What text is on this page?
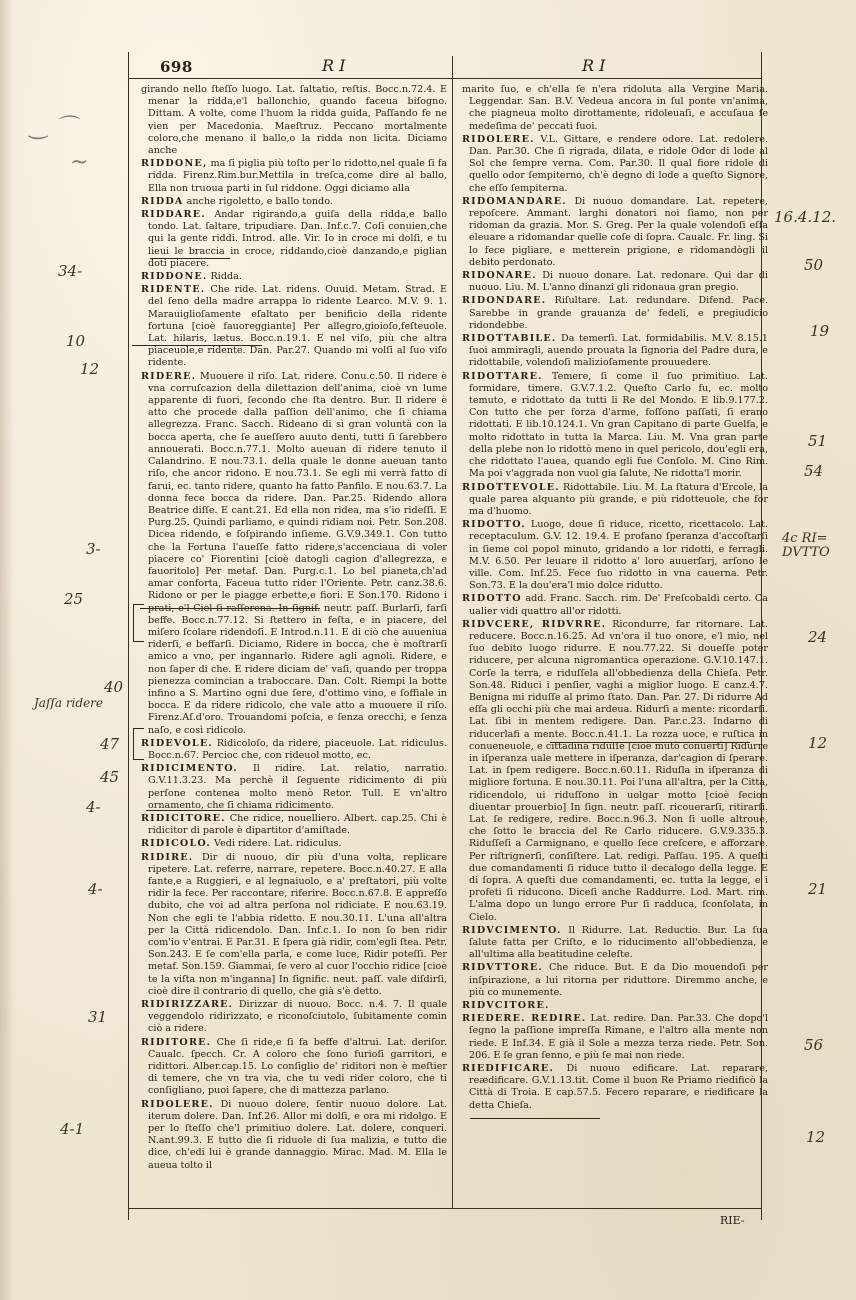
698	R I	R I

girando nello ſteſſo luogo. Lat. ſaltatio, reſtis. Bocc.n.72.4. E menar la ridda,e'l ballonchio, quando faceua biſogno. Dittam. A volte, come l'huom la ridda guida, Paſſando fe ne vien per Macedonia. Maeſtruz. Peccano mortalmente coloro,che menano il ballo,o la ridda non licita. Diciamo anche

RIDDONE, ma ſi piglia più toſto per lo ridotto,nel quale ſi fa ridda. Firenz.Rim.bur.Mettila in treſca,come dire al ballo, Ella non truoua parti in ſul riddone. Oggi diciamo alla

RIDDA anche rigoletto, e ballo tondo.

RIDDARE. Andar rigirando,a guiſa della ridda,e ballo tondo. Lat. ſaltare, tripudiare. Dan. Inf.c.7. Coſi conuien,che qui la gente riddi. Introd. alle. Vir. Io in croce mi dolſi, e tu lieui le braccia in croce, riddando,cioè danzando,e piglian doti piacere.

RIDDONE. Ridda.

RIDENTE. Che ride. Lat. ridens. Ouuid. Metam. Strad. E del ſeno della madre arrappa lo ridente Learco. M.V. 9. 1. Marauiglioſamente eſaltato per benificio della ridente fortuna [cioè fauoreggiante] Per allegro,gioioſo,feſteuole. Lat. hilaris, lætus. Bocc.n.19.1. E nel viſo, più che altra piaceuole,e ridente. Dan. Par.27. Quando mi volſi al ſuo viſo ridente.

RIDERE. Muouere il riſo. Lat. ridere. Conu.c.50. Il ridere è vna corruſcazion della dilettazion dell'anima, cioè vn lume apparente di fuori, ſecondo che ſta dentro. Bur. Il ridere è atto che procede dalla paſſion dell'animo, che ſi chiama allegrezza. Franc. Sacch. Rideano di sì gran voluntà con la bocca aperta, che ſe aueſſero auuto denti, tutti ſi ſarebbero annouerati. Bocc.n.77.1. Molto aueuan di ridere tenuto il Calandrino. E nou.73.1. della quale le donne aueuan tanto riſo, che ancor ridono. E nou.73.1. Se egli mi verrà fatto di farui, ec. tanto ridere, quanto ha fatto Panfilo. E nou.63.7. La donna fece bocca da ridere. Dan. Par.25. Ridendo allora Beatrice diſſe. E cant.21. Ed ella non ridea, ma s'io rideſſi. E Purg.25. Quindi parliamo, e quindi ridiam noi. Petr. Son.208. Dicea ridendo, e ſoſpirando inſieme. G.V.9.349.1. Con tutto che la Fortuna l'aueſſe fatto ridere,s'accenciaua di voler piacere co' Fiorentini [cioè datogli cagion d'allegrezza, e fauoritolo] Per metaf. Dan. Purg.c.1. Lo bel pianeta,ch'ad amar conforta, Faceua tutto rider l'Oriente. Petr. canz.38.6. Ridono or per le piagge erbette,e fiori. E Son.170. Ridono i prati, e'l Ciel ſi raſſerena. In ſignif. neutr. paſſ. Burlarſi, farſi beffe. Bocc.n.77.12. Si ſtettero in feſta, e in piacere, del miſero ſcolare ridendoſi. E Introd.n.11. E di ciò che auueniua riderſi, e beffarſi. Diciamo, Ridere in bocca, che è moſtrarſi amico a vno, per ingannarlo. Ridere agli agnoli. Ridere, e non ſaper di che. E ridere diciam de' vaſi, quando per troppa pienezza comincian a traboccare. Dan. Colt. Riempi la botte infino a S. Martino ogni due ſere, d'ottimo vino, e ſoffiale in bocca. E da ridere ridicolo, che vale atto a muouere il riſo. Firenz.Aſ.d'oro. Trouandomi poſcia, e ſenza orecchi, e ſenza naſo, e così ridicolo.

RIDEVOLE. Ridicoloſo, da ridere, piaceuole. Lat. ridiculus. Bocc.n.67. Percioc che, con rideuol motto, ec.

RIDICIMENTO. Il ridire. Lat. relatio, narratio. G.V.11.3.23. Ma perchè il ſeguente ridicimento di più perſone contenea molto menò Retor. Tull. E vn'altro ornamento, che ſi chiama ridicimento.

RIDICITORE. Che ridice, nouelliero. Albert. cap.25. Chi è ridicitor di parole è dipartitor d'amiſtade.

RIDICOLO. Vedi ridere. Lat. ridiculus.

RIDIRE. Dir di nuouo, dir più d'una volta, replicare ripetere. Lat. referre, narrare, repetere. Bocc.n.40.27. E alla fante,e a Ruggieri, e al legnaiuolo, e a' preſtatori, più volte ridir la fece. Per raccontare, riferire. Bocc.n.67.8. E appreſſo dubito, che voi ad altra perſona nol ridiciate. E nou.63.19. Non che egli te l'abbia ridetto. E nou.30.11. L'una all'altra per la Città ridicendolo. Dan. Inf.c.1. Io non ſo ben ridir com'io v'entrai. E Par.31. E ſpera già ridir, com'egli ſtea. Petr. Son.243. E ſe com'ella parla, e come luce, Ridir poteſſi. Per metaf. Son.159. Giammai, ſe vero al cuor l'occhio ridice [cioè te la viſta non m'inganna] In ſignific. neut. paſſ. vale diſdirſi, cioè dire il contrario di quello, che già s'è detto.

RIDIRIZZARE. Dirizzar di nuouo. Bocc. n.4. 7. Il quale veggendolo ridirizzato, e riconoſciutolo, ſubitamente comin ciò a ridere.

RIDITORE. Che ſi ride,e ſi fa beffe d'altrui. Lat. deriſor. Caualc. ſpecch. Cr. A coloro che ſono furioſi garritori, e ridittori. Alber.cap.15. Lo conſiglio de' riditori non è meſtier di temere, che vn tra via, che tu vedi rider coloro, che ti conſigliano, puoi ſapere, che di mattezza parlano.

RIDOLERE. Di nuouo dolere, ſentir nuouo dolore. Lat. iterum dolere. Dan. Inf.26. Allor mi dolſi, e ora mi ridolgo. E per lo ſteſſo che'l primitiuo dolere. Lat. dolere, conqueri. N.ant.99.3. E tutto dìe ſi riduole di ſua malizia, e tutto dìe dice, ch'edi lui è grande dannaggio. Mirac. Mad. M. Ella le aueua tolto il

marito ſuo, e ch'ella ſe n'era ridoluta alla Vergine Maria. Leggendar. San. B.V. Vedeua ancora in ſul ponte vn'anima, che piagneua molto dirottamente, ridoleuaſi, e accuſaua ſe medeſima de' peccati ſuoi.

RIDOLERE. V.L. Gittare, e rendere odore. Lat. redolere. Dan. Par.30. Che ſi rigrada, dilata, e ridole Odor di lode al Sol che ſempre verna. Com. Par.30. Il qual fiore ridole di quello odor ſempiterno, ch'è degno di lode a queſto Signore, che eſſo ſempiterna.

RIDOMANDARE. Di nuouo domandare. Lat. repetere, repoſcere. Ammant. larghi donatori noi ſiamo, non per ridoman da grazia. Mor. S. Greg. Per la quale volendoſi eſſa eleuare a ridomandar quelle coſe di ſopra. Caualc. Fr. ling. Si lo fece pigliare, e metterein prigione, e ridomandògli il debito perdonato.

RIDONARE. Di nuouo donare. Lat. redonare. Qui dar di nuouo. Liu. M. L'anno dinanzi gli ridonaua gran pregio.

RIDONDARE. Riſultare. Lat. redundare. Difend. Pace. Sarebbe in grande grauanza de' fedeli, e pregiudicio ridondebbe.

RIDOTTABILE. Da temerſi. Lat. formidabilis. M.V. 8.15.1 ſuoi ammiragli, auendo prouata la ſignoria del Padre dura, e ridottabile, volendoſi malizioſamente prouuedere.

RIDOTTARE. Temere, ſi come il ſuo primitiuo. Lat. formidare, timere. G.V.7.1.2. Queſto Carlo fu, ec. molto temuto, e ridottato da tutti li Re del Mondo. E lib.9.177.2. Con tutto che per forza d'arme, foſſono paſſati, ſi erano ridottati. E lib.10.124.1. Vn gran Capitano di parte Guelfa, e molto ridottato in tutta la Marca. Liu. M. Vna gran parte della plebe non lo ridottò meno in quel pericolo, dou'egli era, che ridottato l'auea, quando egli fue Conſolo. M. Cino Rim. Ma poi v'aggrada non vuol gia ſalute, Ne ridotta'l morir.

RIDOTTEVOLE. Ridottabile. Liu. M. La ſtatura d'Ercole, la quale parea alquanto più grande, e più ridotteuole, che for ma d'huomo.

RIDOTTO. Luogo, doue ſi riduce, ricetto, ricettacolo. Lat. receptaculum. G.V. 12. 19.4. E profano ſperanza d'accoſtarſi in ſieme col popol minuto, gridando a lor ridotti, e ferragli. M.V. 6.50. Per leuare il ridotto a' loro auuerſarj, arſono le ville. Com. Inf.25. Fece ſuo ridotto in vna cauerna. Petr. Son.73. E la dou'era'l mio dolce ridutto.

RIDOTTO add. Franc. Sacch. rim. De' Freſcobaldi certo. Ca ualier vidi quattro all'or ridotti.

RIDVCERE, RIDVRRE. Ricondurre, far ritornare. Lat. reducere. Bocc.n.16.25. Ad vn'ora il tuo onore, e'l mio, nel ſuo debito luogo ridurre. E nou.77.22. Si doueſſe poter riducere, per alcuna nigromantica operazione. G.V.10.147.1. Corſe la terra, e riduſſela all'obbedienza della Chieſa. Petr. Son.48. Riduci i penſier, vaghi a miglior luogo. E canz.4.7. Benigna mi riduſſe al primo ſtato. Dan. Par. 27. Di ridurre Ad eſſa gli occhi più che mai ardeua. Ridurſi a mente: ricordarſi. Lat. ſibi in mentem redigere. Dan. Par.c.23. Indarno di riducerlafi a mente. Bocc.n.41.1. La rozza uoce, e ruſtica in conueneuole, e cittadina riduſſe [cioè mutò conuertì] Ridurre in iſperanza uale mettere in iſperanza, dar'cagion di ſperare. Lat. in ſpem redigere. Bocc.n.60.11. Riduſla in iſperanza di migliore fortuna. E nou.30.11. Poi l'una all'altra, per la Città, ridicendolo, ui riduſſono in uolgar motto [cioè ſecion diuentar prouerbio] In ſign. neutr. paſſ. ricouerarſi, ritirarſi. Lat. ſe redigere, redire. Bocc.n.96.3. Non ſi uolle altroue, che ſotto le braccia del Re Carlo riducere. G.V.9.335.3. Riduſſeſi a Carmignano, e quello ſece creſcere, e afforzare. Per riſtrignerſi, conſiſtere. Lat. redigi. Paſſau. 195. A queſti due comandamenti ſi riduce tutto il decalogo della legge. E di ſopra. A queſti due comandamenti, ec. tutta la legge, e i profeti ſi riducono. Diceſi anche Raddurre. Lod. Mart. rim. L'alma dopo un lungo errore Pur ſi radduca, ſconſolata, in Cielo.

RIDVCIMENTO. Il Ridurre. Lat. Reductio. Bur. La ſua ſalute fatta per Criſto, e lo riducimento all'obbedienza, e all'ultima alla beatitudine celeſte.

RIDVTTORE. Che riduce. But. E da Dio mouendoſi per inſpirazione, a lui ritorna per riduttore. Diremmo anche, e più co munemente.

RIDVCITORE.

RIEDERE. REDIRE. Lat. redire. Dan. Par.33. Che dopo'l ſegno la paſſione impreſſa Rimane, e l'altro alla mente non riede. E Inf.34. E già il Sole a mezza terza riede. Petr. Son. 206. E ſe gran ſenno, e più ſe mai non riede.

RIEDIFICARE. Di nuouo edificare. Lat. reparare, reædificare. G.V.1.13.tit. Come il buon Re Priamo riedificò la Città di Troia. E cap.57.5. Fecero reparare, e riedificare la detta Chieſa.

RIE-
34-
10
12
3-
25
40
Jaſſa ridere
47
45
4-
4-
31
4-1
16.4.12.
50
19
51
54
4c RI= DVTTO
24
12
21
56
12
‿ ⌒
~
